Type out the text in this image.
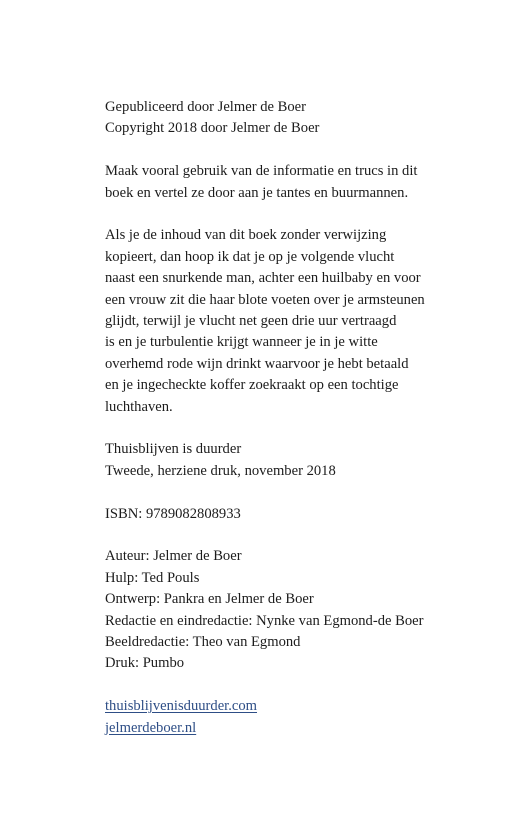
Gepubliceerd door Jelmer de Boer

Copyright 2018 door Jelmer de Boer

Maak vooral gebruik van de informatie en trucs in dit

boek en vertel ze door aan je tantes en buurmannen.

Als je de inhoud van dit boek zonder verwijzing

kopieert, dan hoop ik dat je op je volgende vlucht

naast een snurkende man, achter een huilbaby en voor

een vrouw zit die haar blote voeten over je armsteunen

glijdt, terwijl je vlucht net geen drie uur vertraagd

is en je turbulentie krijgt wanneer je in je witte

overhemd rode wijn drinkt waarvoor je hebt betaald

en je ingecheckte koffer zoekraakt op een tochtige

luchthaven.

Thuisblijven is duurder

Tweede, herziene druk, november 2018

ISBN: 9789082808933

Auteur: Jelmer de Boer

Hulp: Ted Pouls

Ontwerp: Pankra en Jelmer de Boer

Redactie en eindredactie: Nynke van Egmond-de Boer

Beeldredactie: Theo van Egmond

Druk: Pumbo

thuisblijvenisduurder.com

jelmerdeboer.nl
